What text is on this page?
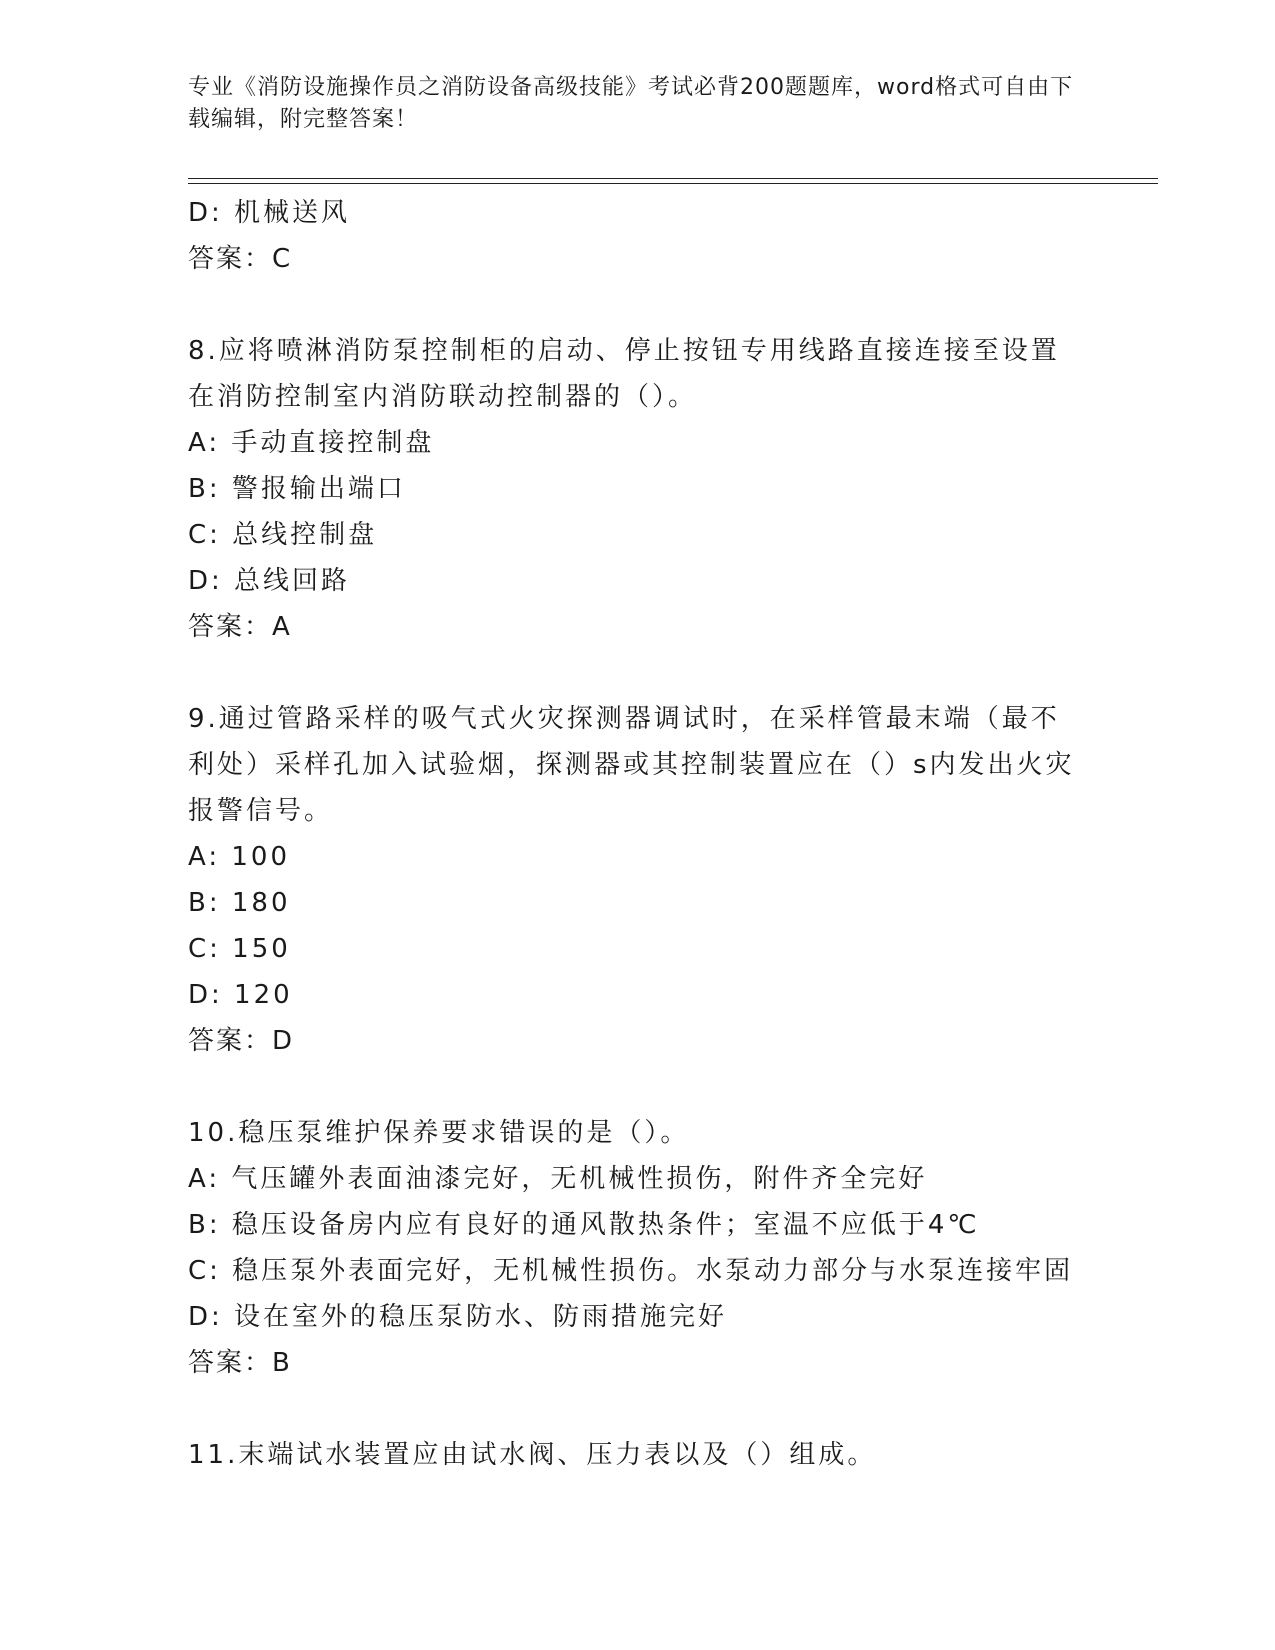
专业《消防设施操作员之消防设备高级技能》考试必背200题题库，word格式可自由下载编辑，附完整答案！
D: 机械送风
答案：C
8.应将喷淋消防泵控制柜的启动、停止按钮专用线路直接连接至设置
在消防控制室内消防联动控制器的（）。
A: 手动直接控制盘
B: 警报输出端口
C: 总线控制盘
D: 总线回路
答案：A
9.通过管路采样的吸气式火灾探测器调试时，在采样管最末端（最不
利处）采样孔加入试验烟，探测器或其控制装置应在（）s内发出火灾
报警信号。
A: 100
B: 180
C: 150
D: 120
答案：D
10.稳压泵维护保养要求错误的是（）。
A: 气压罐外表面油漆完好，无机械性损伤，附件齐全完好
B: 稳压设备房内应有良好的通风散热条件；室温不应低于4℃
C: 稳压泵外表面完好，无机械性损伤。水泵动力部分与水泵连接牢固
D: 设在室外的稳压泵防水、防雨措施完好
答案：B
11.末端试水装置应由试水阀、压力表以及（）组成。
